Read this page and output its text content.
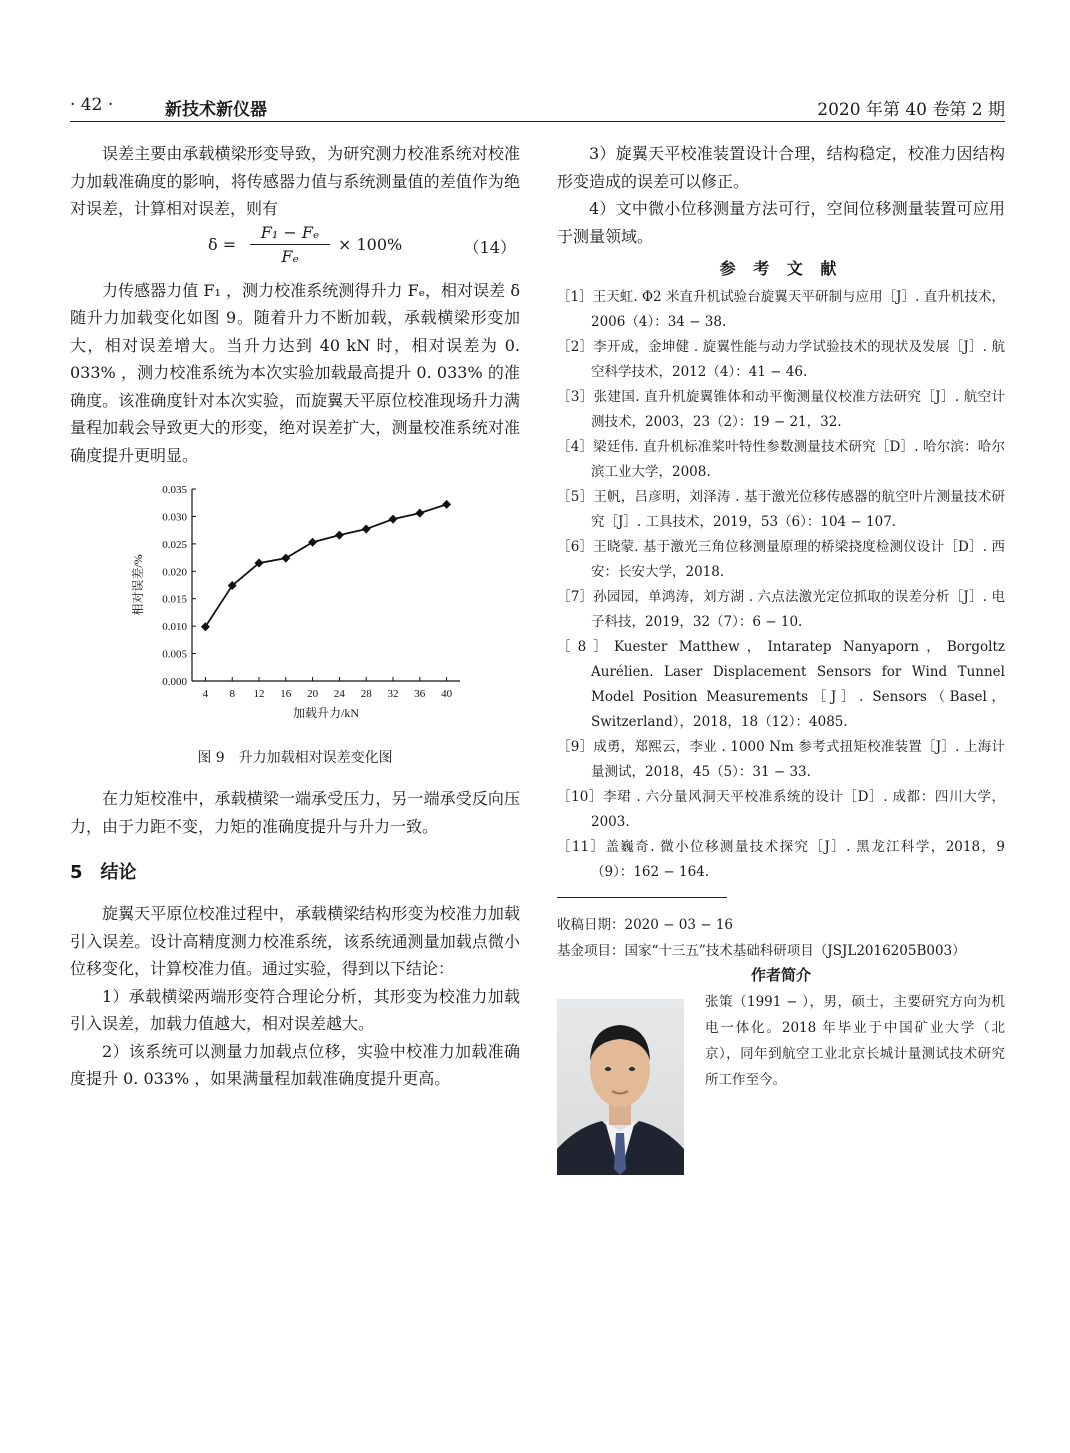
· 42 ·	新技术新仪器	2020 年第 40 卷第 2 期

误差主要由承载横梁形变导致，为研究测力校准系统对校准力加载准确度的影响，将传感器力值与系统测量值的差值作为绝对误差，计算相对误差，则有

$\delta = \frac{\text{F₁ − Fₑ}}{\text{Fₑ}} \times 100\%$	（14）

力传感器力值 F₁ ，测力校准系统测得升力 Fₑ，相对误差 δ 随升力加载变化如图 9。随着升力不断加载，承载横梁形变加大，相对误差增大。当升力达到 40 kN 时，相对误差为 0. 033% ，测力校准系统为本次实验加载最高提升 0. 033% 的准确度。该准确度针对本次实验，而旋翼天平原位校准现场升力满量程加载会导致更大的形变，绝对误差扩大，测量校准系统对准确度提升更明显。

0.000
0.005
0.010
0.015
0.020
0.025
0.030
0.035
4 8 12 16 20 24 28 32 36 40
加载升力/kN
相对误差/%
图 9　升力加载相对误差变化图

在力矩校准中，承载横梁一端承受压力，另一端承受反向压力，由于力距不变，力矩的准确度提升与升力一致。

5　结论

旋翼天平原位校准过程中，承载横梁结构形变为校准力加载引入误差。设计高精度测力校准系统，该系统通测量加载点微小位移变化，计算校准力值。通过实验，得到以下结论：

1）承载横梁两端形变符合理论分析，其形变为校准力加载引入误差，加载力值越大，相对误差越大。

2）该系统可以测量力加载点位移，实验中校准力加载准确度提升 0. 033% ，如果满量程加载准确度提升更高。

3）旋翼天平校准装置设计合理，结构稳定，校准力因结构形变造成的误差可以修正。

4）文中微小位移测量方法可行，空间位移测量装置可应用于测量领域。

参 考 文 献

［1］王天虹. Φ2 米直升机试验台旋翼天平研制与应用［J］. 直升机技术，2006（4）：34 − 38.

［2］李开成，金坤健 . 旋翼性能与动力学试验技术的现状及发展［J］. 航空科学技术，2012（4）：41 − 46.

［3］张建国. 直升机旋翼锥体和动平衡测量仪校准方法研究［J］. 航空计测技术，2003，23（2）：19 − 21，32.

［4］梁廷伟. 直升机标准桨叶特性参数测量技术研究［D］. 哈尔滨：哈尔滨工业大学，2008.

［5］王帆，吕彦明，刘泽涛 . 基于激光位移传感器的航空叶片测量技术研究［J］. 工具技术，2019，53（6）：104 − 107.

［6］王晓蒙. 基于激光三角位移测量原理的桥梁挠度检测仪设计［D］. 西安：长安大学，2018.

［7］孙园园，单鸿涛，刘方湖 . 六点法激光定位抓取的误差分析［J］. 电子科技，2019，32（7）：6 − 10.

［8］Kuester Matthew，Intaratep Nanyaporn，Borgoltz Aurélien. Laser Displacement Sensors for Wind Tunnel Model Position Measurements［J］. Sensors（Basel，Switzerland），2018，18（12）：4085.

［9］成勇，郑熙云，李业 . 1000 Nm 参考式扭矩校准装置［J］. 上海计量测试，2018，45（5）：31 − 33.

［10］李珺 . 六分量风洞天平校准系统的设计［D］. 成都：四川大学，2003.

［11］盖巍奇. 微小位移测量技术探究［J］. 黑龙江科学，2018，9（9）：162 − 164.

收稿日期：2020 − 03 − 16

基金项目：国家“十三五”技术基础科研项目（JSJL2016205B003）

作者简介

张策（1991 − ），男，硕士，主要研究方向为机电一体化。2018 年毕业于中国矿业大学（北京），同年到航空工业北京长城计量测试技术研究所工作至今。
